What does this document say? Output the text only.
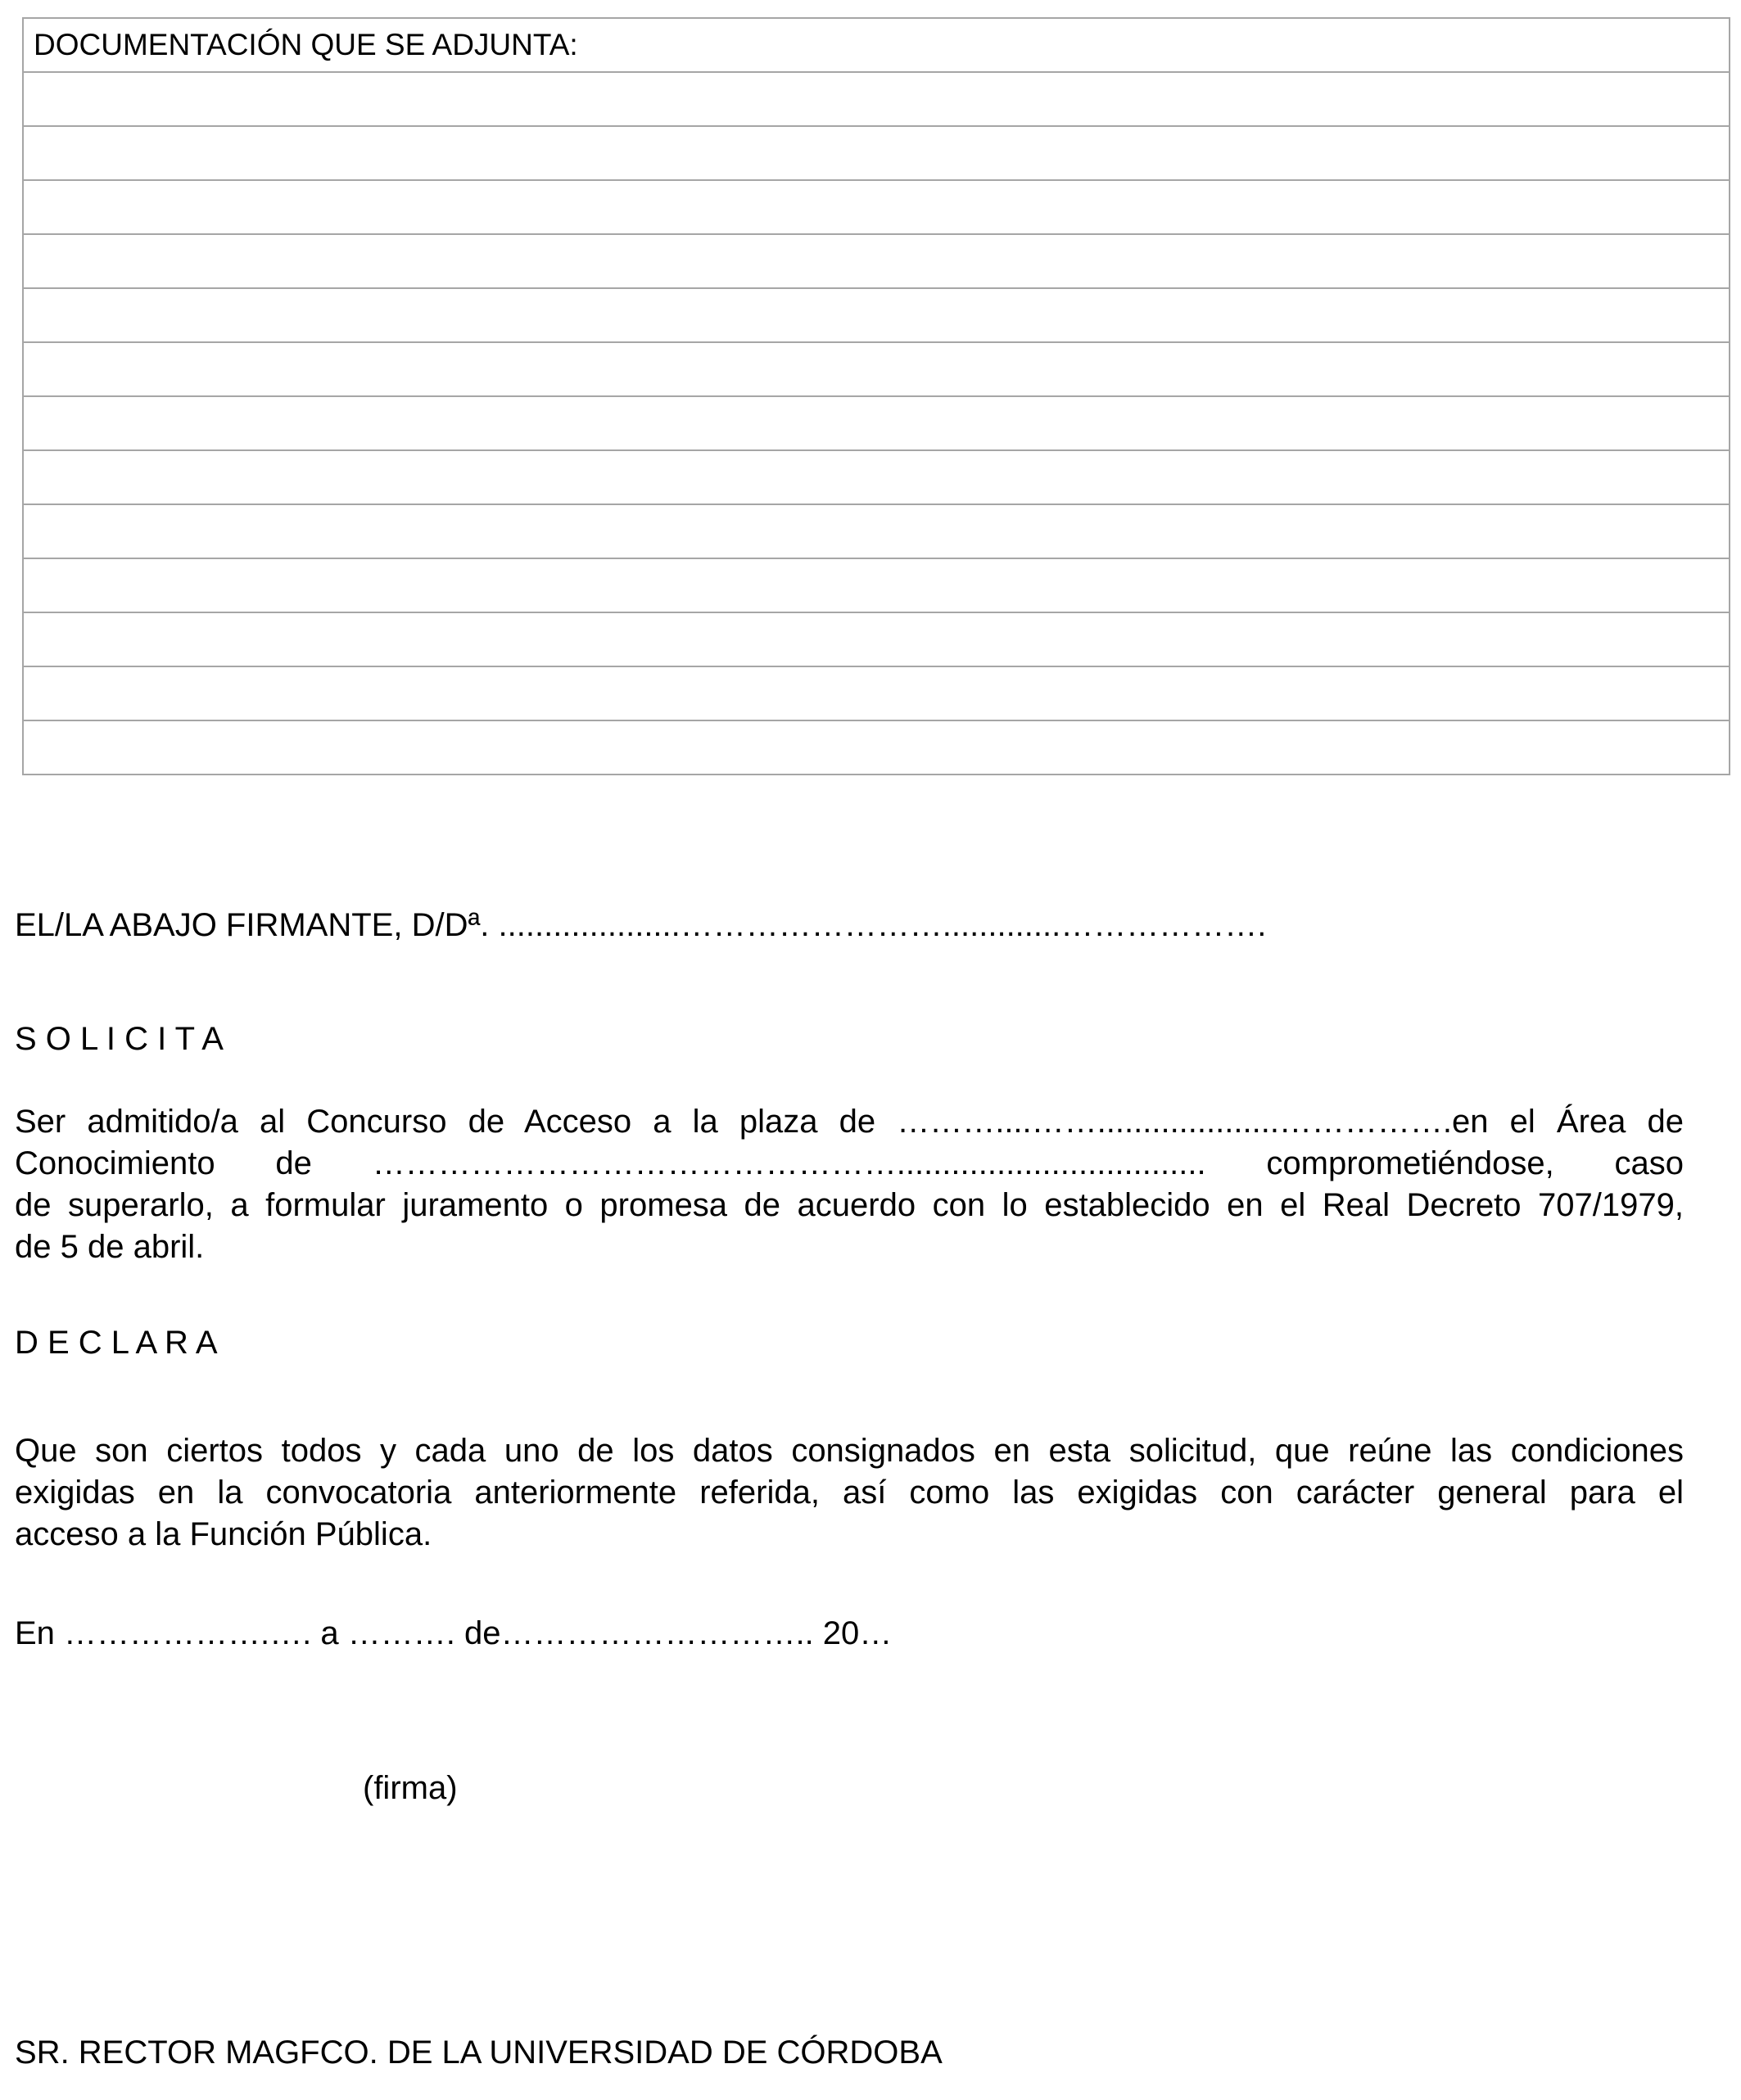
DOCUMENTACIÓN QUE SE ADJUNTA:

EL/LA ABAJO FIRMANTE, D/Dª. ....................…………………….............……………….
S O L I C I T A
Ser admitido/a al Concurso de Acceso a la plaza de ………....……....................…………….en el Área de
Conocimiento de ………………………………………….................................. comprometiéndose, caso
de superarlo, a formular juramento o promesa de acuerdo con lo establecido en el Real Decreto 707/1979,
de 5 de abril.
D E C L A R A
Que son ciertos todos y cada uno de los datos consignados en esta solicitud, que reúne las condiciones
exigidas en la convocatoria anteriormente referida, así como las exigidas con carácter general para el
acceso a la Función Pública.
En ……………….…. a ………. de……………………….. 20…
(firma)
SR. RECTOR MAGFCO. DE LA UNIVERSIDAD DE CÓRDOBA
